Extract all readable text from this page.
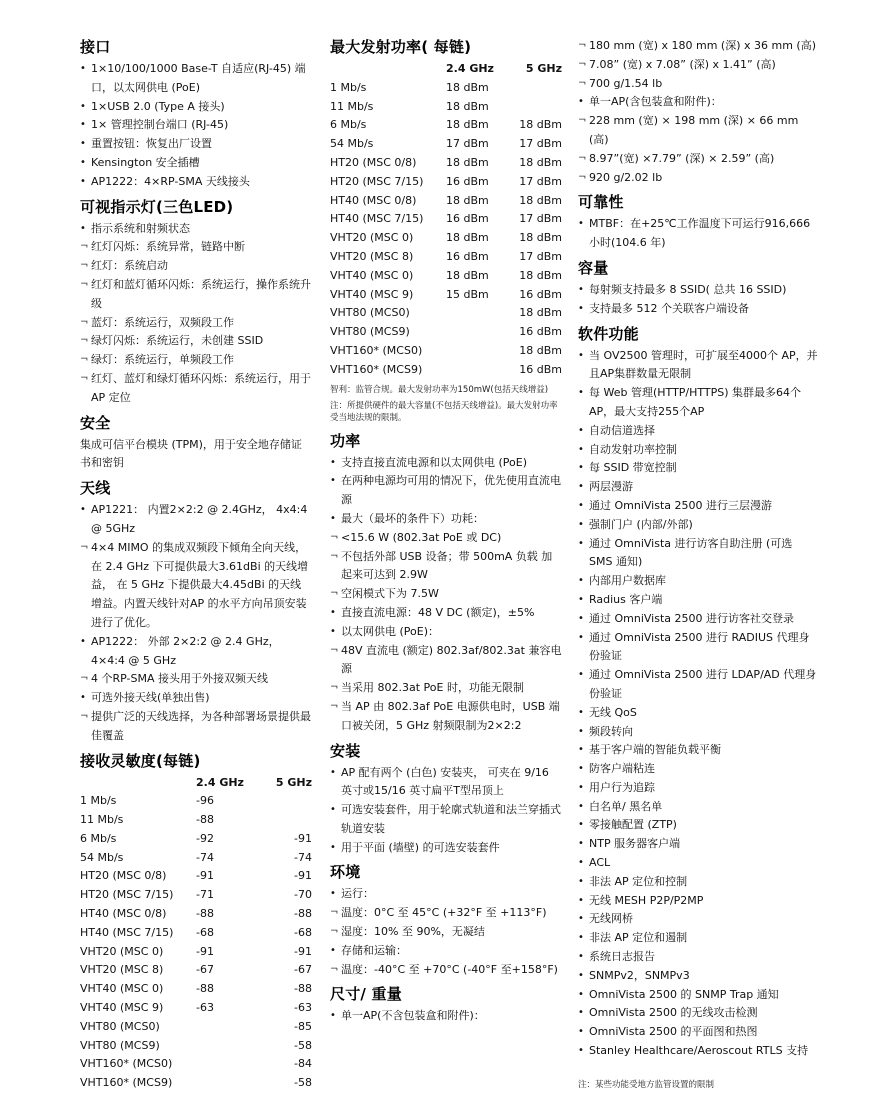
接口
• 1×10/100/1000 Base-T 自适应(RJ-45) 端口，以太网供电 (PoE)
• 1×USB 2.0 (Type A 接头)
• 1× 管理控制台端口 (RJ-45)
• 重置按钮：恢复出厂设置
• Kensington 安全插槽
• AP1222：4×RP-SMA 天线接头
可视指示灯(三色LED)
• 指示系统和射频状态
¬ 红灯闪烁：系统异常，链路中断
¬ 红灯：系统启动
¬ 红灯和蓝灯循环闪烁：系统运行，操作系统升级
¬ 蓝灯：系统运行，双频段工作
¬ 绿灯闪烁：系统运行，未创建 SSID
¬ 绿灯：系统运行，单频段工作
¬ 红灯、蓝灯和绿灯循环闪烁：系统运行，用于 AP 定位
安全
集成可信平台模块 (TPM)，用于安全地存储证书和密钥
天线
• AP1221： 内置2×2:2 @ 2.4GHz， 4x4:4 @ 5GHz
¬ 4×4 MIMO 的集成双频段下倾角全向天线，在 2.4 GHz 下可提供最大3.61dBi 的天线增益， 在 5 GHz 下提供最大4.45dBi 的天线增益。内置天线针对AP 的水平方向吊顶安装进行了优化。
• AP1222： 外部 2×2:2 @ 2.4 GHz， 4×4:4 @ 5 GHz
¬ 4 个RP-SMA 接头用于外接双频天线
• 可选外接天线(单独出售)
¬ 提供广泛的天线选择，为各种部署场景提供最佳覆盖
接收灵敏度(每链)
	2.4 GHz	5 GHz
1 Mb/s	-96	
11 Mb/s	-88	
6 Mb/s	-92	-91
54 Mb/s	-74	-74
HT20 (MSC 0/8)	-91	-91
HT20 (MSC 7/15)	-71	-70
HT40 (MSC 0/8)	-88	-88
HT40 (MSC 7/15)	-68	-68
VHT20 (MSC 0)	-91	-91
VHT20 (MSC 8)	-67	-67
VHT40 (MSC 0)	-88	-88
VHT40 (MSC 9)	-63	-63
VHT80 (MCS0)		-85
VHT80 (MCS9)		-58
VHT160* (MCS0)		-84
VHT160* (MCS9)		-58
最大发射功率( 每链)
	2.4 GHz	5 GHz
1 Mb/s	18 dBm	
11 Mb/s	18 dBm	
6 Mb/s	18 dBm	18 dBm
54 Mb/s	17 dBm	17 dBm
HT20 (MSC 0/8)	18 dBm	18 dBm
HT20 (MSC 7/15)	16 dBm	17 dBm
HT40 (MSC 0/8)	18 dBm	18 dBm
HT40 (MSC 7/15)	16 dBm	17 dBm
VHT20 (MSC 0)	18 dBm	18 dBm
VHT20 (MSC 8)	16 dBm	17 dBm
VHT40 (MSC 0)	18 dBm	18 dBm
VHT40 (MSC 9)	15 dBm	16 dBm
VHT80 (MCS0)		18 dBm
VHT80 (MCS9)		16 dBm
VHT160* (MCS0)		18 dBm
VHT160* (MCS9)		16 dBm
智利：监管合规。最大发射功率为150mW(包括天线增益)
注：所提供硬件的最大容量(不包括天线增益)。最大发射功率受当地法规的限制。
功率
• 支持直接直流电源和以太网供电 (PoE)
• 在两种电源均可用的情况下，优先使用直流电源
• 最大（最坏的条件下）功耗：
¬ <15.6 W (802.3at PoE 或 DC)
¬ 不包括外部 USB 设备；带 500mA 负载 加起来可达到 2.9W
¬ 空闲模式下为 7.5W
• 直接直流电源：48 V DC (额定)，±5%
• 以太网供电 (PoE)：
¬ 48V 直流电 (额定) 802.3af/802.3at 兼容电源
¬ 当采用 802.3at PoE 时，功能无限制
¬ 当 AP 由 802.3af PoE 电源供电时，USB 端口被关闭，5 GHz 射频限制为2×2:2
安装
• AP 配有两个 (白色) 安装夹， 可夹在 9/16 英寸或15/16 英寸扁平T型吊顶上
• 可选安装套件，用于轮廓式轨道和法兰穿插式轨道安装
• 用于平面 (墙壁) 的可选安装套件
环境
• 运行：
¬ 温度：0°C 至 45°C (+32°F 至 +113°F)
¬ 湿度：10% 至 90%，无凝结
• 存储和运输：
¬ 温度：-40°C 至 +70°C (-40°F 至+158°F)
尺寸/ 重量
• 单一AP(不含包装盒和附件)：
¬ 180 mm (宽) x 180 mm (深) x 36 mm (高)
¬ 7.08” (宽) x 7.08” (深) x 1.41” (高)
¬ 700 g/1.54 lb
• 单一AP(含包装盒和附件)：
¬ 228 mm (宽) × 198 mm (深) × 66 mm (高)
¬ 8.97”(宽) ×7.79” (深) × 2.59” (高)
¬ 920 g/2.02 lb
可靠性
• MTBF：在+25℃工作温度下可运行916,666 小时(104.6 年)
容量
• 每射频支持最多 8 SSID( 总共 16 SSID)
• 支持最多 512 个关联客户端设备
软件功能
• 当 OV2500 管理时，可扩展至4000个 AP，并且AP集群数量无限制
• 每 Web 管理(HTTP/HTTPS) 集群最多64个 AP，最大支持255个AP
• 自动信道选择
• 自动发射功率控制
• 每 SSID 带宽控制
• 两层漫游
• 通过 OmniVista 2500 进行三层漫游
• 强制门户 (内部/外部)
• 通过 OmniVista 进行访客自助注册 (可选 SMS 通知)
• 内部用户数据库
• Radius 客户端
• 通过 OmniVista 2500 进行访客社交登录
• 通过 OmniVista 2500 进行 RADIUS 代理身份验证
• 通过 OmniVista 2500 进行 LDAP/AD 代理身份验证
• 无线 QoS
• 频段转向
• 基于客户端的智能负载平衡
• 防客户端粘连
• 用户行为追踪
• 白名单/ 黑名单
• 零接触配置 (ZTP)
• NTP 服务器客户端
• ACL
• 非法 AP 定位和控制
• 无线 MESH P2P/P2MP
• 无线网桥
• 非法 AP 定位和遏制
• 系统日志报告
• SNMPv2，SNMPv3
• OmniVista 2500 的 SNMP Trap 通知
• OmniVista 2500 的无线攻击检测
• OmniVista 2500 的平面图和热图
• Stanley Healthcare/Aeroscout RTLS 支持
注：某些功能受地方监管设置的限制
